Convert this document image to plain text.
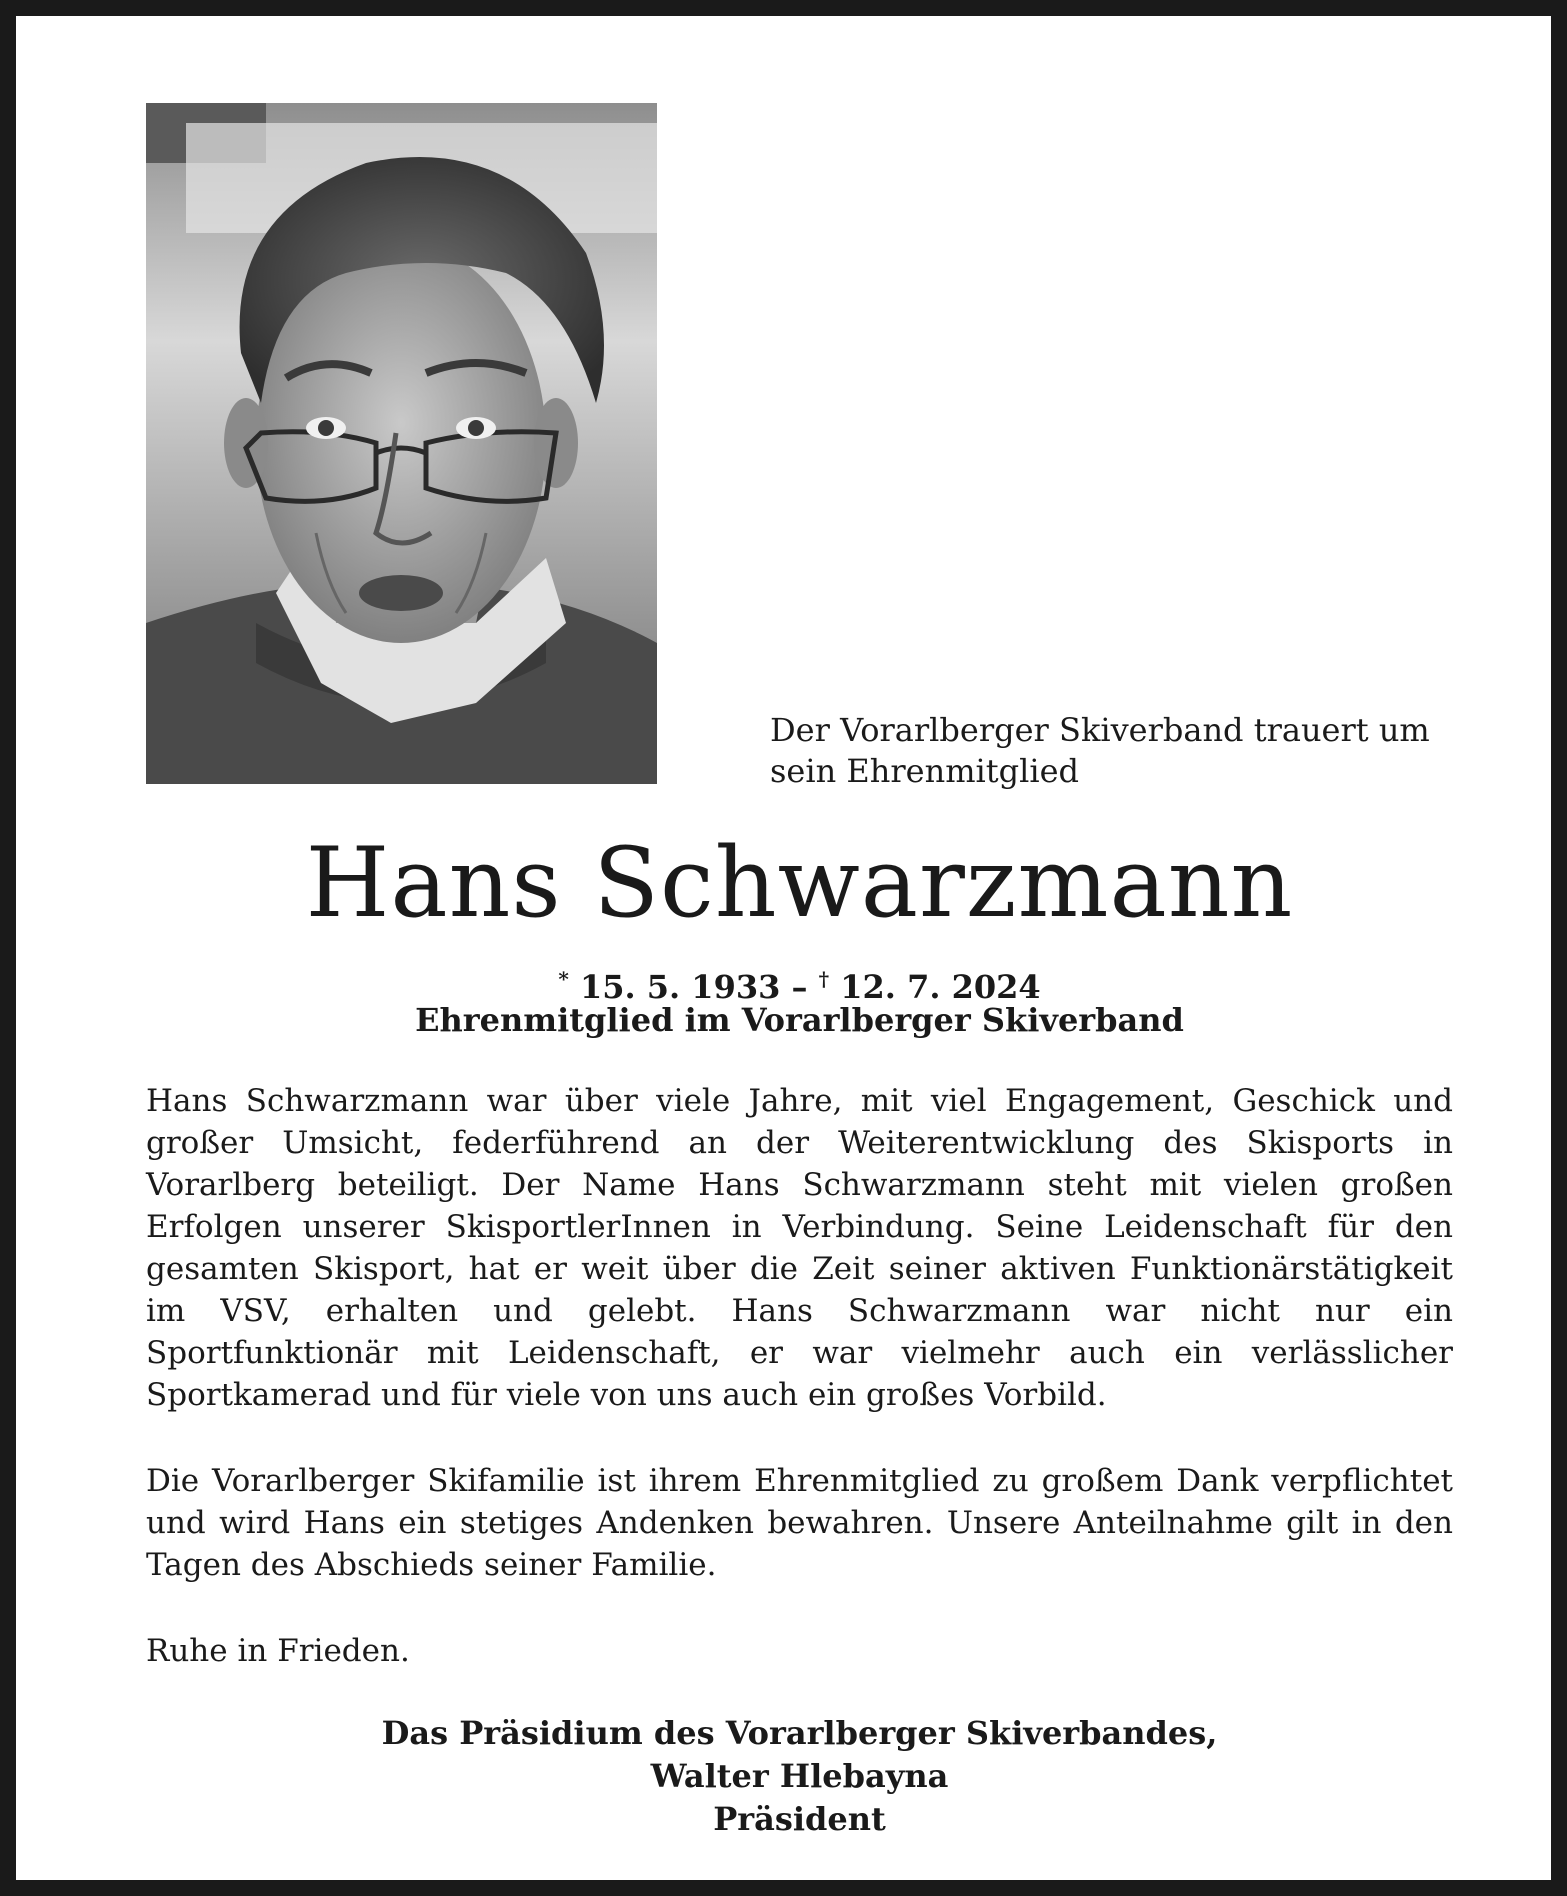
Der Vorarlberger Skiverband trauert um sein Ehrenmitglied

Hans Schwarzmann

* 15. 5. 1933 – † 12. 7. 2024

Ehrenmitglied im Vorarlberger Skiverband

Hans Schwarzmann war über viele Jahre, mit viel Engagement, Geschick und großer Umsicht, federführend an der Weiterentwicklung des Skisports in Vorarlberg beteiligt. Der Name Hans Schwarzmann steht mit vielen großen Erfolgen unserer SkisportlerInnen in Verbindung. Seine Leidenschaft für den gesamten Skisport, hat er weit über die Zeit seiner aktiven Funktionärstätigkeit im VSV, erhalten und gelebt. Hans Schwarzmann war nicht nur ein Sportfunktionär mit Leidenschaft, er war vielmehr auch ein verlässlicher Sportkamerad und für viele von uns auch ein großes Vorbild.

Die Vorarlberger Skifamilie ist ihrem Ehrenmitglied zu großem Dank verpflichtet und wird Hans ein stetiges Andenken bewahren. Unsere Anteilnahme gilt in den Tagen des Abschieds seiner Familie.

Ruhe in Frieden.

Das Präsidium des Vorarlberger Skiverbandes,
Walter Hlebayna
Präsident
